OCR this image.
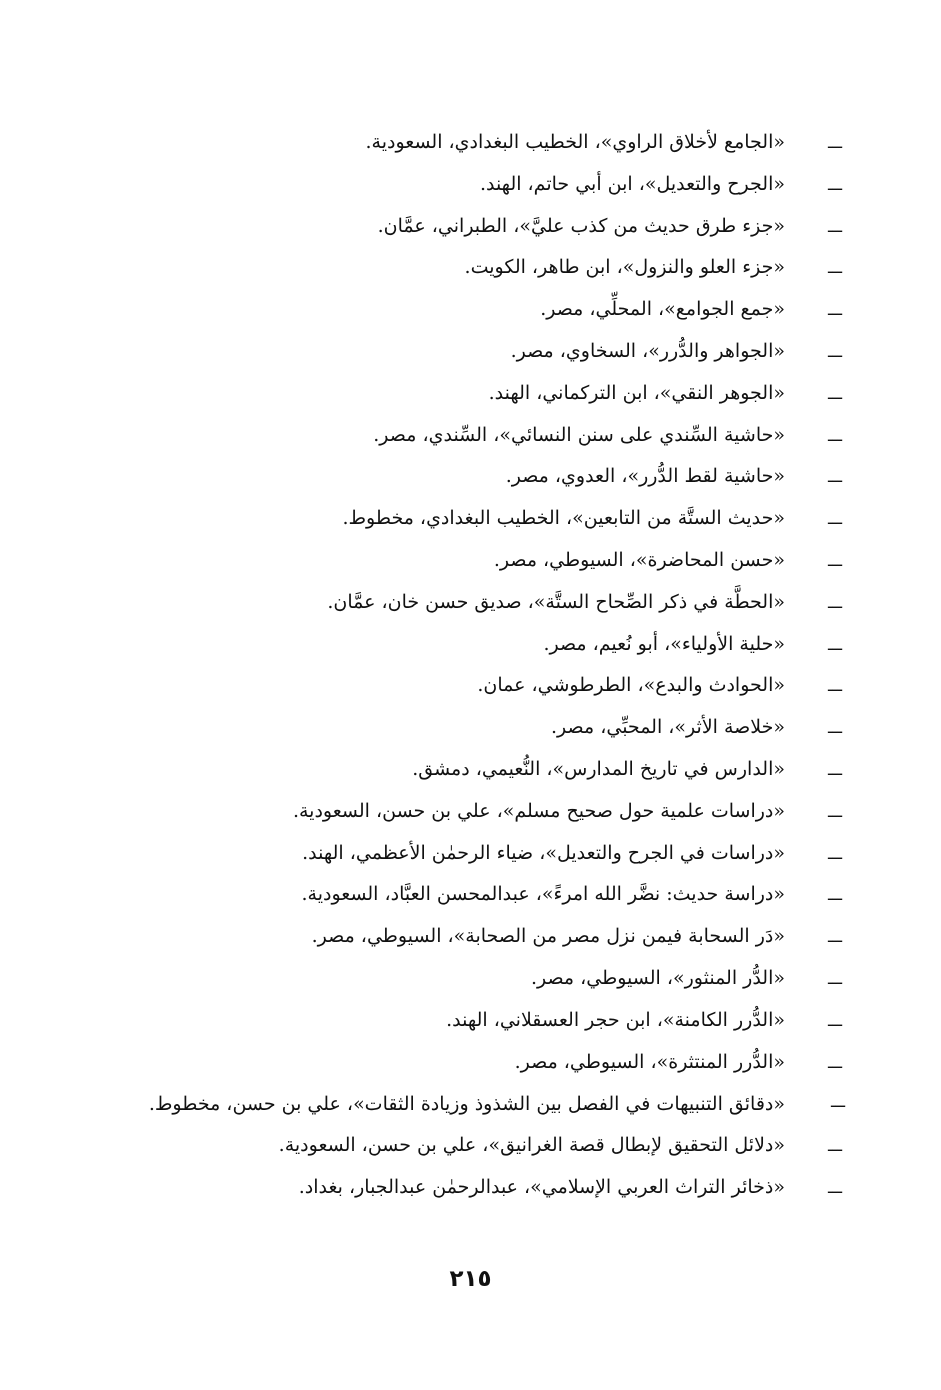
ـــ
«الجامع لأخلاق الراوي»، الخطيب البغدادي، السعودية.
ـــ
«الجرح والتعديل»، ابن أبي حاتم، الهند.
ـــ
«جزء طرق حديث من كذب عليَّ»، الطبراني، عمَّان.
ـــ
«جزء العلو والنزول»، ابن طاهر، الكويت.
ـــ
«جمع الجوامع»، المحلِّي، مصر.
ـــ
«الجواهر والدُّرر»، السخاوي، مصر.
ـــ
«الجوهر النقي»، ابن التركماني، الهند.
ـــ
«حاشية السِّندي على سنن النسائي»، السِّندي، مصر.
ـــ
«حاشية لقط الدُّرر»، العدوي، مصر.
ـــ
«حديث الستَّة من التابعين»، الخطيب البغدادي، مخطوط.
ـــ
«حسن المحاضرة»، السيوطي، مصر.
ـــ
«الحطَّة في ذكر الصِّحاح الستَّة»، صديق حسن خان، عمَّان.
ـــ
«حلية الأولياء»، أبو نُعيم، مصر.
ـــ
«الحوادث والبدع»، الطرطوشي، عمان.
ـــ
«خلاصة الأثر»، المحبِّي، مصر.
ـــ
«الدارس في تاريخ المدارس»، النُّعيمي، دمشق.
ـــ
«دراسات علمية حول صحيح مسلم»، علي بن حسن، السعودية.
ـــ
«دراسات في الجرح والتعديل»، ضياء الرحمٰن الأعظمي، الهند.
ـــ
«دراسة حديث: نضَّر الله امرءً»، عبدالمحسن العبَّاد، السعودية.
ـــ
«دَر السحابة فيمن نزل مصر من الصحابة»، السيوطي، مصر.
ـــ
«الدُّر المنثور»، السيوطي، مصر.
ـــ
«الدُّرر الكامنة»، ابن حجر العسقلاني، الهند.
ـــ
«الدُّرر المنتثرة»، السيوطي، مصر.
ـــ
«دقائق التنبيهات في الفصل بين الشذوذ وزيادة الثقات»، علي بن حسن، مخطوط.
ـــ
«دلائل التحقيق لإبطال قصة الغرانيق»، علي بن حسن، السعودية.
ـــ
«ذخائر التراث العربي الإسلامي»، عبدالرحمٰن عبدالجبار، بغداد.
٢١٥
